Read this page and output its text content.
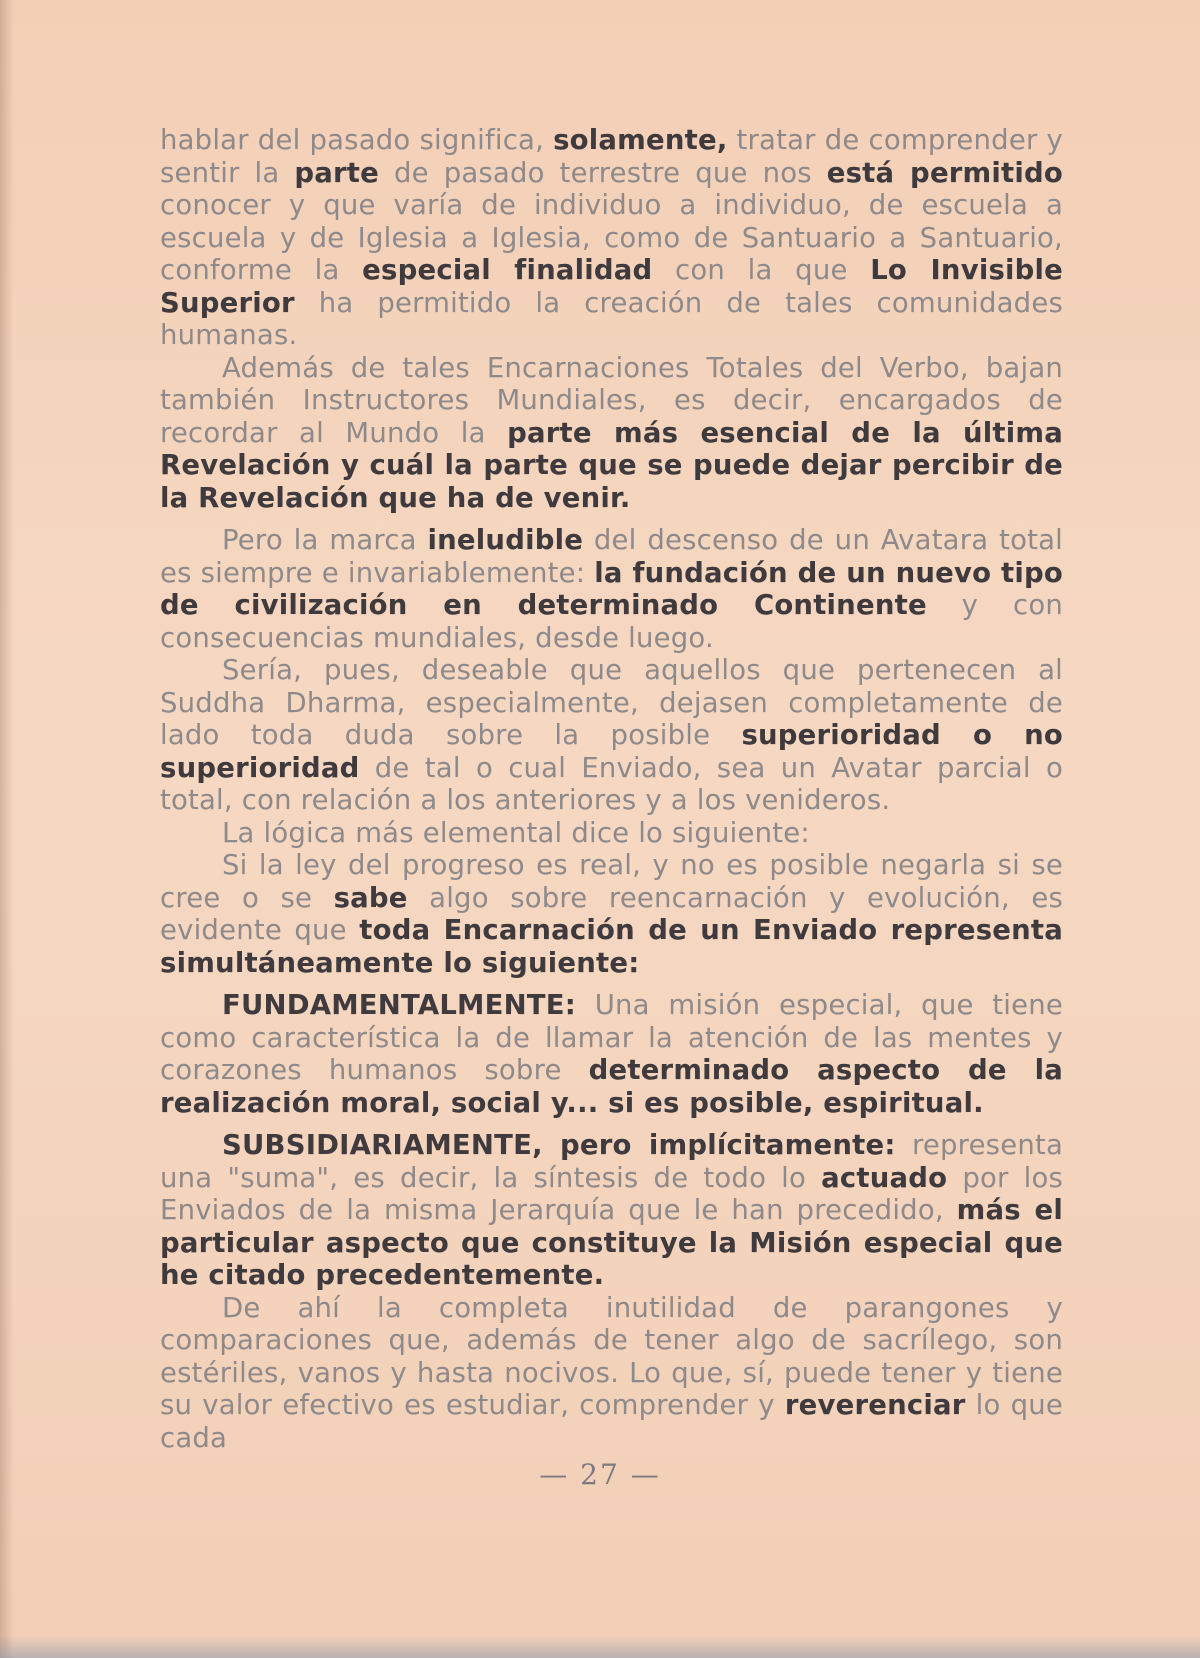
hablar del pasado significa, solamente, tratar de comprender y sentir la parte de pasado terrestre que nos está permitido conocer y que varía de individuo a individuo, de escuela a escuela y de Iglesia a Iglesia, como de Santuario a Santuario, conforme la especial finalidad con la que Lo Invisible Superior ha permitido la creación de tales comunidades humanas.

Además de tales Encarnaciones Totales del Verbo, bajan también Instructores Mundiales, es decir, encargados de recordar al Mundo la parte más esencial de la última Revelación y cuál la parte que se puede dejar percibir de la Revelación que ha de venir.

Pero la marca ineludible del descenso de un Avatara total es siempre e invariablemente: la fundación de un nuevo tipo de civilización en determinado Continente y con consecuencias mundiales, desde luego.

Sería, pues, deseable que aquellos que pertenecen al Suddha Dharma, especialmente, dejasen completamente de lado toda duda sobre la posible superioridad o no superioridad de tal o cual Enviado, sea un Avatar parcial o total, con relación a los anteriores y a los venideros.

La lógica más elemental dice lo siguiente:

Si la ley del progreso es real, y no es posible negarla si se cree o se sabe algo sobre reencarnación y evolución, es evidente que toda Encarnación de un Enviado representa simultáneamente lo siguiente:

FUNDAMENTALMENTE: Una misión especial, que tiene como característica la de llamar la atención de las mentes y corazones humanos sobre determinado aspecto de la realización moral, social y... si es posible, espiritual.

SUBSIDIARIAMENTE, pero implícitamente: representa una "suma", es decir, la síntesis de todo lo actuado por los Enviados de la misma Jerarquía que le han precedido, más el particular aspecto que constituye la Misión especial que he citado precedentemente.

De ahí la completa inutilidad de parangones y comparaciones que, además de tener algo de sacrílego, son estériles, vanos y hasta nocivos. Lo que, sí, puede tener y tiene su valor efectivo es estudiar, comprender y reverenciar lo que cada

— 27 —
